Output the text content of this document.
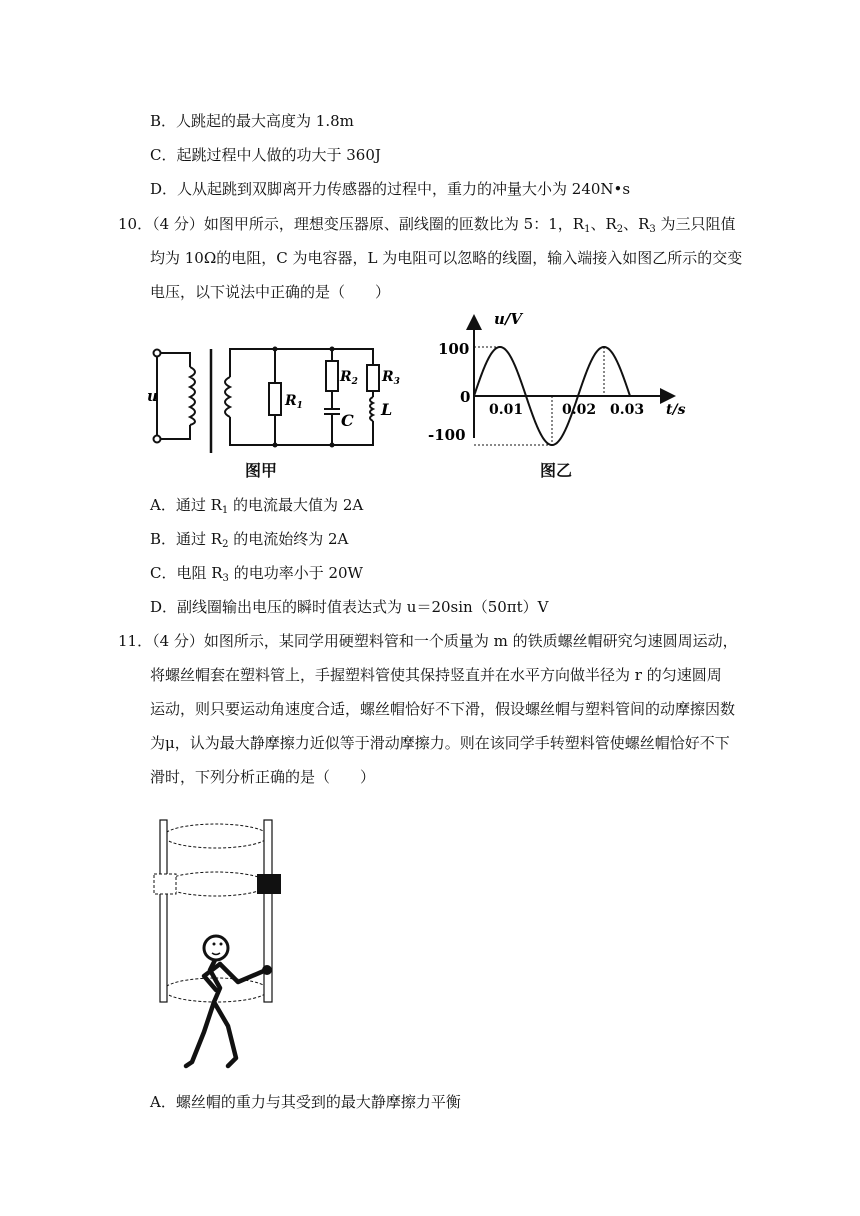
B．人跳起的最大高度为 1.8m
C．起跳过程中人做的功大于 360J
D．人从起跳到双脚离开力传感器的过程中，重力的冲量大小为 240N•s
10．（4 分）如图甲所示，理想变压器原、副线圈的匝数比为 5：1，$R_1$、$R_2$、$R_3$ 为三只阻值
均为 10Ω的电阻，C 为电容器，L 为电阻可以忽略的线圈，输入端接入如图乙所示的交变
电压，以下说法中正确的是（　　）
u	$R_1$
$R_2$ $R_3$
C
L
图甲
u/V
t/s
100
0
-100
0.01	0.02 0.03
图乙
A．通过 $R_1$ 的电流最大值为 2A
B．通过 $R_2$ 的电流始终为 2A
C．电阻 $R_3$ 的电功率小于 20W
D．副线圈输出电压的瞬时值表达式为 u＝20sin（50πt）V
11．（4 分）如图所示，某同学用硬塑料管和一个质量为 m 的铁质螺丝帽研究匀速圆周运动，
将螺丝帽套在塑料管上，手握塑料管使其保持竖直并在水平方向做半径为 r 的匀速圆周
运动，则只要运动角速度合适，螺丝帽恰好不下滑，假设螺丝帽与塑料管间的动摩擦因数
为μ，认为最大静摩擦力近似等于滑动摩擦力。则在该同学手转塑料管使螺丝帽恰好不下
滑时，下列分析正确的是（　　）
A．螺丝帽的重力与其受到的最大静摩擦力平衡
